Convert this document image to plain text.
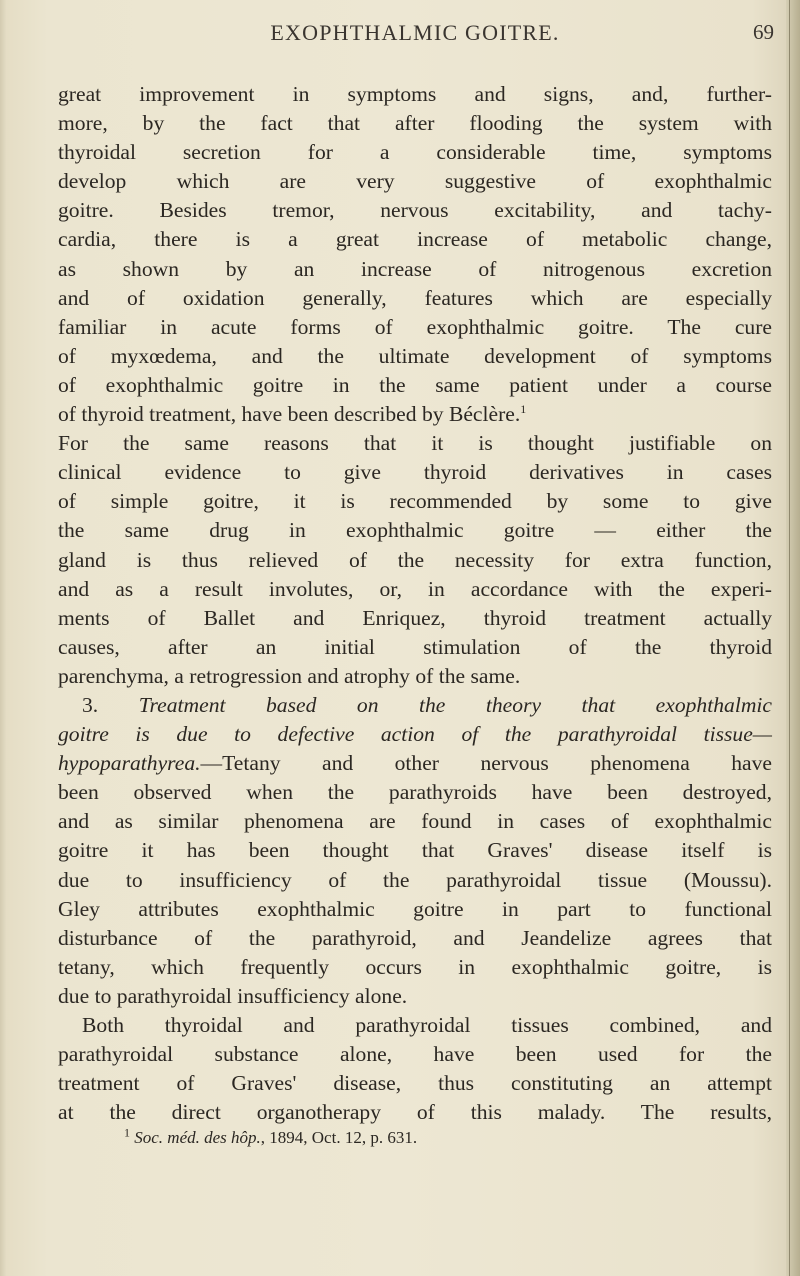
EXOPHTHALMIC GOITRE.	69
great improvement in symptoms and signs, and, further-
more, by the fact that after flooding the system with
thyroidal secretion for a considerable time, symptoms
develop which are very suggestive of exophthalmic
goitre. Besides tremor, nervous excitability, and tachy-
cardia, there is a great increase of metabolic change,
as shown by an increase of nitrogenous excretion
and of oxidation generally, features which are especially
familiar in acute forms of exophthalmic goitre. The cure
of myxœdema, and the ultimate development of symptoms
of exophthalmic goitre in the same patient under a course
of thyroid treatment, have been described by Béclère.$^1$
For the same reasons that it is thought justifiable on
clinical evidence to give thyroid derivatives in cases
of simple goitre, it is recommended by some to give
the same drug in exophthalmic goitre — either the
gland is thus relieved of the necessity for extra function,
and as a result involutes, or, in accordance with the experi-
ments of Ballet and Enriquez, thyroid treatment actually
causes, after an initial stimulation of the thyroid
parenchyma, a retrogression and atrophy of the same.
3. Treatment based on the theory that exophthalmic
goitre is due to defective action of the parathyroidal tissue—
hypoparathyrea.—Tetany and other nervous phenomena have
been observed when the parathyroids have been destroyed,
and as similar phenomena are found in cases of exophthalmic
goitre it has been thought that Graves' disease itself is
due to insufficiency of the parathyroidal tissue (Moussu).
Gley attributes exophthalmic goitre in part to functional
disturbance of the parathyroid, and Jeandelize agrees that
tetany, which frequently occurs in exophthalmic goitre, is
due to parathyroidal insufficiency alone.
Both thyroidal and parathyroidal tissues combined, and
parathyroidal substance alone, have been used for the
treatment of Graves' disease, thus constituting an attempt
at the direct organotherapy of this malady. The results,
$^1$ Soc. méd. des hôp., 1894, Oct. 12, p. 631.
